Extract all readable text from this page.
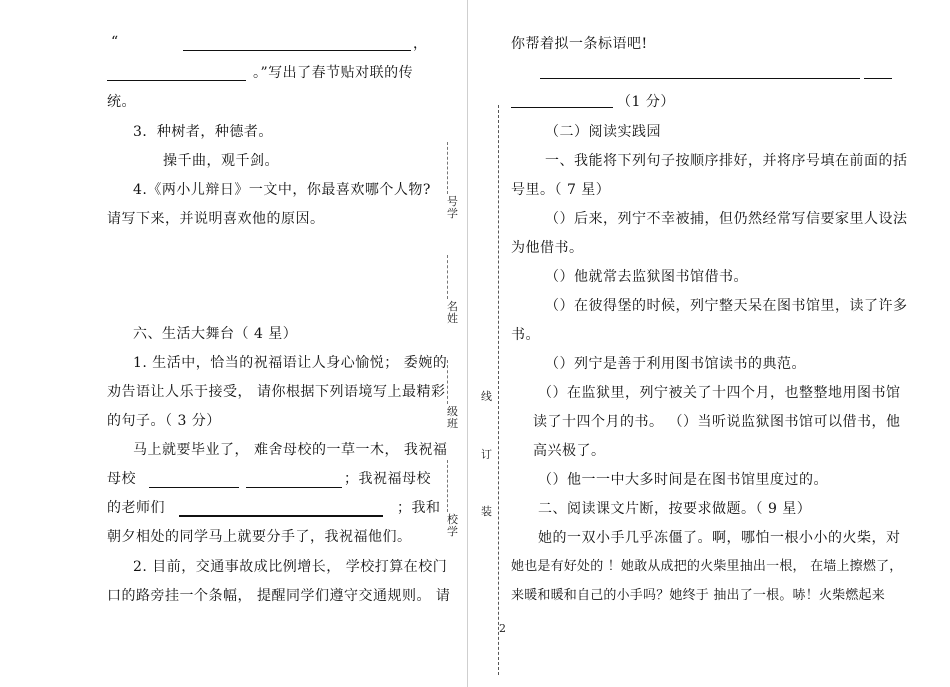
“	，
。”写出了春节贴对联的传
统。
3．种树者，种德者。
操千曲，观千剑。
4.《两小儿辩日》一文中，你最喜欢哪个人物?
请写下来，并说明喜欢他的原因。
六、生活大舞台（ 4 星）
1. 生活中，恰当的祝福语让人身心愉悦； 委婉的
劝告语让人乐于接受， 请你根据下列语境写上最精彩
的句子。（ 3 分）
马上就要毕业了， 难舍母校的一草一木， 我祝福
母校	；我祝福母校
的老师们	；我和
朝夕相处的同学马上就要分手了，我祝福他们。
2. 目前，交通事故成比例增长， 学校打算在校门
口的路旁挂一个条幅， 提醒同学们遵守交通规则。 请
号学
名姓
级班
校学
线
订
装
2
你帮着拟一条标语吧!
（1 分）
（二）阅读实践园
一、我能将下列句子按顺序排好，并将序号填在前面的括
号里。（ 7 星）
（）后来，列宁不幸被捕，但仍然经常写信要家里人设法
为他借书。
（）他就常去监狱图书馆借书。
（）在彼得堡的时候，列宁整天呆在图书馆里，读了许多
书。
（）列宁是善于利用图书馆读书的典范。
（）在监狱里，列宁被关了十四个月，也整整地用图书馆
读了十四个月的书。 （）当听说监狱图书馆可以借书，他
高兴极了。
（）他一一中大多时间是在图书馆里度过的。
二、阅读课文片断，按要求做题。（ 9 星）
她的一双小手几乎冻僵了。啊，哪怕一根小小的火柴，对
她也是有好处的 ！她敢从成把的火柴里抽出一根， 在墙上擦燃了，
来暖和暖和自己的小手吗？她终于 抽出了一根。哧！火柴燃起来
